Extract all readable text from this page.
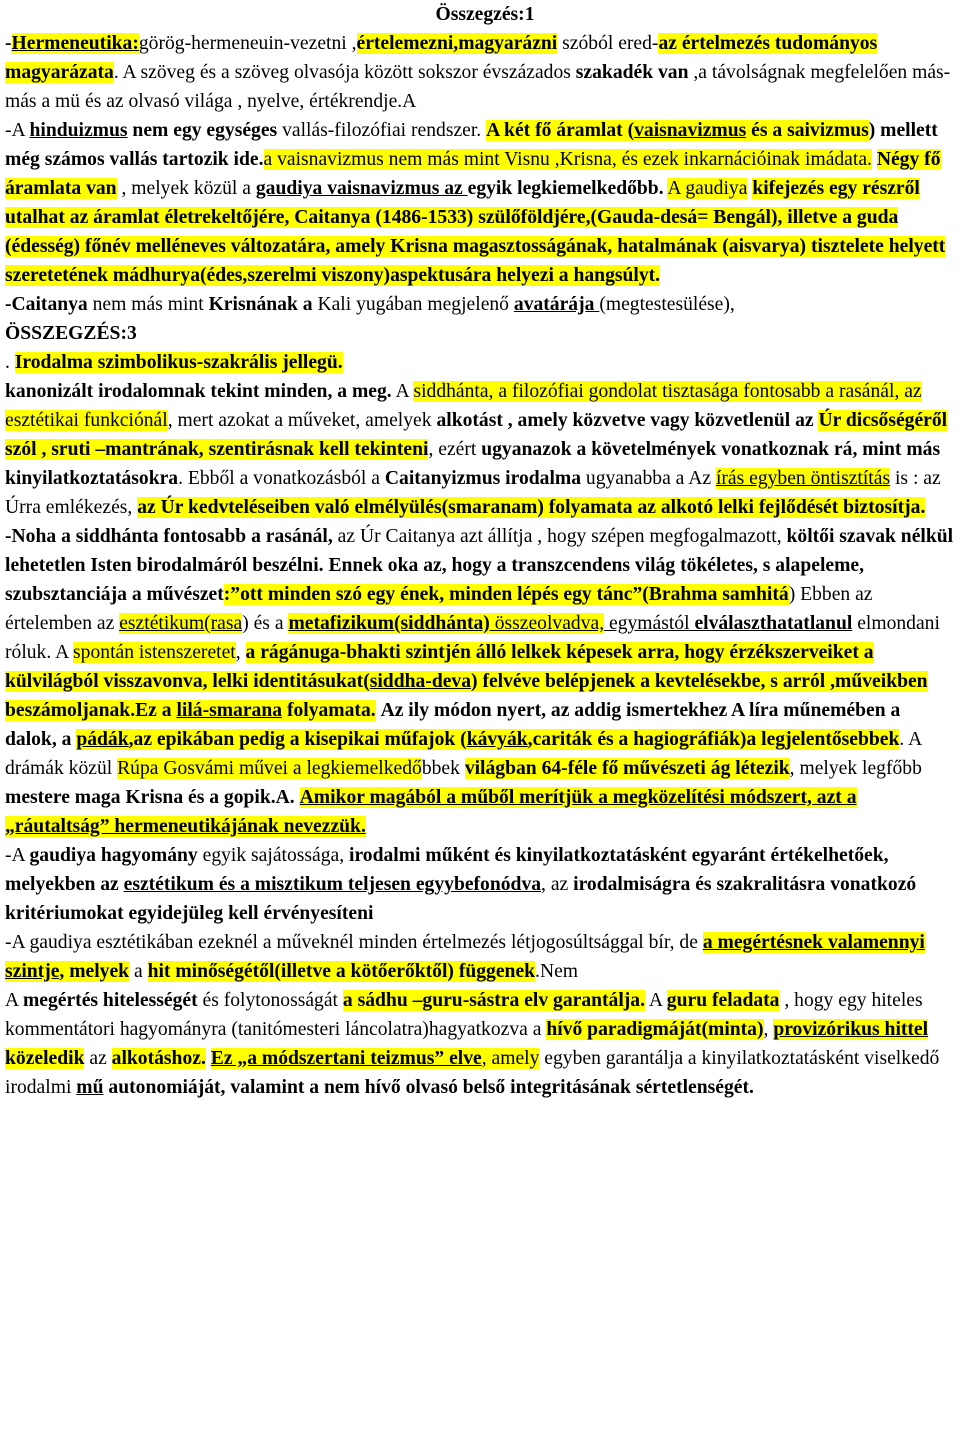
Összegzés:1

-Hermeneutika:görög-hermeneuin-vezetni ,értelemezni,magyarázni szóból ered-az értelmezés tudományos magyarázata. A szöveg és a szöveg olvasója között sokszor évszázados szakadék van ,a távolságnak megfelelően más-más a mü és az olvasó világa , nyelve, értékrendje.A

-A hinduizmus nem egy egységes vallás-filozófiai rendszer. A két fő áramlat (vaisnavizmus és a saivizmus) mellett még számos vallás tartozik ide.a vaisnavizmus nem más mint Visnu ,Krisna, és ezek inkarnációinak imádata. Négy fő áramlata van , melyek közül a gaudiya vaisnavizmus az egyik legkiemelkedőbb. A gaudiya kifejezés egy részről utalhat az áramlat életrekeltőjére, Caitanya (1486-1533) szülőföldjére,(Gauda-desá= Bengál), illetve a guda (édesség) főnév melléneves változatára, amely Krisna magasztosságának, hatalmának (aisvarya) tisztelete helyett szeretetének mádhurya(édes,szerelmi viszony)aspektusára helyezi a hangsúlyt.

-Caitanya nem más mint Krisnának a Kali yugában megjelenő avatárája (megtestesülése),

ÖSSZEGZÉS:3

. Irodalma szimbolikus-szakrális jellegü.

kanonizált irodalomnak tekint minden, a meg. A siddhánta, a filozófiai gondolat tisztasága fontosabb a rasánál, az esztétikai funkciónál, mert azokat a műveket, amelyek alkotást , amely közvetve vagy közvetlenül az Úr dicsőségéről szól , sruti –mantrának, szentirásnak kell tekinteni, ezért ugyanazok a követelmények vonatkoznak rá, mint más kinyilatkoztatásokra. Ebből a vonatkozásból a Caitanyizmus irodalma ugyanabba a Az írás egyben öntisztítás is : az Úrra emlékezés, az Úr kedvteléseiben való elmélyülés(smaranam) folyamata az alkotó lelki fejlődését biztosítja.

-Noha a siddhánta fontosabb a rasánál, az Úr Caitanya azt állítja , hogy szépen megfogalmazott, költői szavak nélkül lehetetlen Isten birodalmáról beszélni. Ennek oka az, hogy a transzcendens világ tökéletes, s alapeleme, szubsztanciája a művészet:”ott minden szó egy ének, minden lépés egy tánc”(Brahma samhitá) Ebben az értelemben az esztétikum(rasa) és a metafizikum(siddhánta) összeolvadva, egymástól elválaszthatatlanul elmondani róluk. A spontán istenszeretet, a rágánuga-bhakti szintjén álló lelkek képesek arra, hogy érzékszerveiket a külvilágból visszavonva, lelki identitásukat(siddha-deva) felvéve belépjenek a kevtelésekbe, s arról ,műveikben beszámoljanak.Ez a lilá-smarana folyamata. Az ily módon nyert, az addig ismertekhez A líra műnemében a dalok, a pádák,az epikában pedig a kisepikai műfajok (kávyák,cariták és a hagiográfiák)a legjelentősebbek. A drámák közül Rúpa Gosvámi művei a legkiemelkedőbbek világban 64-féle fő művészeti ág létezik, melyek legfőbb mestere maga Krisna és a gopik.A. Amikor magából a műből merítjük a megközelítési módszert, azt a „ráutaltság” hermeneutikájának nevezzük.

-A gaudiya hagyomány egyik sajátossága, irodalmi műként és kinyilatkoztatásként egyaránt értékelhetőek, melyekben az esztétikum és a misztikum teljesen egyybefonódva, az irodalmiságra és szakralitásra vonatkozó kritériumokat egyidejüleg kell érvényesíteni

-A gaudiya esztétikában ezeknél a műveknél minden értelmezés létjogosúltsággal bír, de a megértésnek valamennyi szintje, melyek a hit minőségétől(illetve a kötőerőktől) függenek.Nem

A megértés hitelességét és folytonosságát a sádhu –guru-sástra elv garantálja. A guru feladata , hogy egy hiteles kommentátori hagyományra (tanitómesteri láncolatra)hagyatkozva a hívő paradigmáját(minta), provizórikus hittel közeledik az alkotáshoz. Ez „a módszertani teizmus” elve, amely egyben garantálja a kinyilatkoztatásként viselkedő irodalmi mű autonomiáját, valamint a nem hívő olvasó belső integritásának sértetlenségét.
